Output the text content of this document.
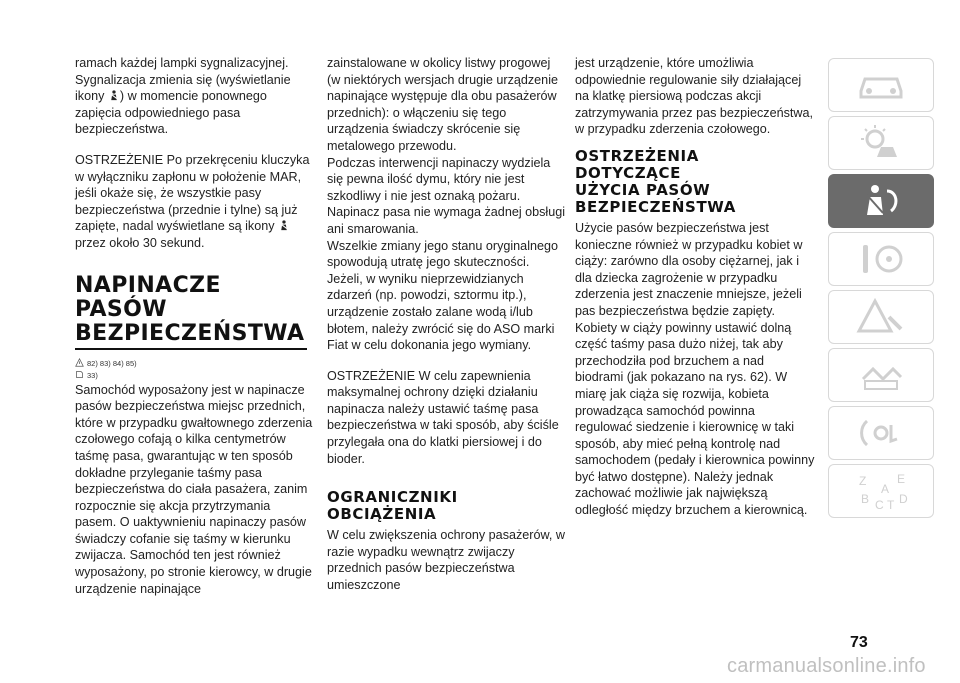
ramach każdej lampki sygnalizacyjnej. Sygnalizacja zmienia się (wyświetlanie ikony ) w momencie ponownego zapięcia odpowiedniego pasa bezpieczeństwa.

OSTRZEŻENIE Po przekręceniu kluczyka w wyłączniku zapłonu w położenie MAR, jeśli okaże się, że wszystkie pasy bezpieczeństwa (przednie i tylne) są już zapięte, nadal wyświetlane są ikony  przez około 30 sekund.

NAPINACZE PASÓW
BEZPIECZEŃSTWA
82) 83) 84) 85)
33)

Samochód wyposażony jest w napinacze pasów bezpieczeństwa miejsc przednich, które w przypadku gwałtownego zderzenia czołowego cofają o kilka centymetrów taśmę pasa, gwarantując w ten sposób dokładne przyleganie taśmy pasa bezpieczeństwa do ciała pasażera, zanim rozpocznie się akcja przytrzymania pasem. O uaktywnieniu napinaczy pasów świadczy cofanie się taśmy w kierunku zwijacza. Samochód ten jest również wyposażony, po stronie kierowcy, w drugie urządzenie napinające

zainstalowane w okolicy listwy progowej (w niektórych wersjach drugie urządzenie napinające występuje dla obu pasażerów przednich): o włączeniu się tego urządzenia świadczy skrócenie się metalowego przewodu.

Podczas interwencji napinaczy wydziela się pewna ilość dymu, który nie jest szkodliwy i nie jest oznaką pożaru. Napinacz pasa nie wymaga żadnej obsługi ani smarowania.

Wszelkie zmiany jego stanu oryginalnego spowodują utratę jego skuteczności.

Jeżeli, w wyniku nieprzewidzianych zdarzeń (np. powodzi, sztormu itp.), urządzenie zostało zalane wodą i/lub błotem, należy zwrócić się do ASO marki Fiat w celu dokonania jego wymiany.

OSTRZEŻENIE W celu zapewnienia maksymalnej ochrony dzięki działaniu napinacza należy ustawić taśmę pasa bezpieczeństwa w taki sposób, aby ściśle przylegała ona do klatki piersiowej i do bioder.

OGRANICZNIKI
OBCIĄŻENIA

W celu zwiększenia ochrony pasażerów, w razie wypadku wewnątrz zwijaczy przednich pasów bezpieczeństwa umieszczone

jest urządzenie, które umożliwia odpowiednie regulowanie siły działającej na klatkę piersiową podczas akcji zatrzymywania przez pas bezpieczeństwa, w przypadku zderzenia czołowego.

OSTRZEŻENIA
DOTYCZĄCE
UŻYCIA PASÓW
BEZPIECZEŃSTWA

Użycie pasów bezpieczeństwa jest konieczne również w przypadku kobiet w ciąży: zarówno dla osoby ciężarnej, jak i dla dziecka zagrożenie w przypadku zderzenia jest znaczenie mniejsze, jeżeli pas bezpieczeństwa będzie zapięty. Kobiety w ciąży powinny ustawić dolną część taśmy pasa dużo niżej, tak aby przechodziła pod brzuchem a nad biodrami (jak pokazano na rys. 62). W miarę jak ciąża się rozwija, kobieta prowadząca samochód powinna regulować siedzenie i kierownicę w taki sposób, aby mieć pełną kontrolę nad samochodem (pedały i kierownica powinny być łatwo dostępne). Należy jednak zachować możliwie jak największą odległość między brzuchem a kierownicą.

Z	E
A
B D
C T
73
carmanualsonline.info
